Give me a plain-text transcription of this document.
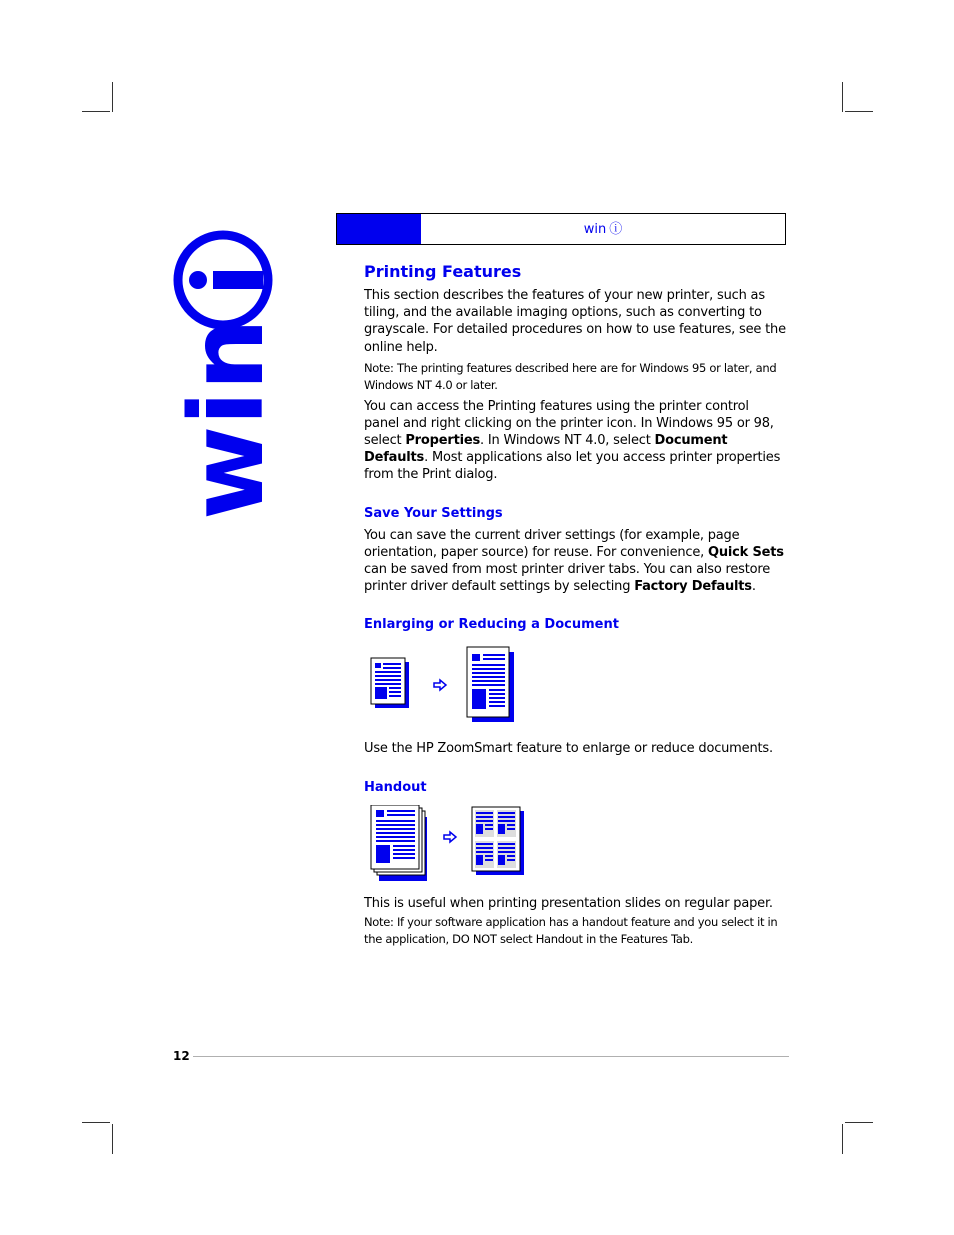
win
win ⓘ
Printing Features

This section describes the features of your new printer, such as tiling, and the available imaging options, such as converting to grayscale. For detailed procedures on how to use features, see the online help.

Note: The printing features described here are for Windows 95 or later, and Windows NT 4.0 or later.

You can access the Printing features using the printer control panel and right clicking on the printer icon. In Windows 95 or 98, select Properties. In Windows NT 4.0, select Document Defaults. Most applications also let you access printer properties from the Print dialog.

Save Your Settings

You can save the current driver settings (for example, page orientation, paper source) for reuse. For convenience, Quick Sets can be saved from most printer driver tabs. You can also restore printer driver default settings by selecting Factory Defaults.

Enlarging or Reducing a Document

Use the HP ZoomSmart feature to enlarge or reduce documents.

Handout

This is useful when printing presentation slides on regular paper.

Note: If your software application has a handout feature and you select it in the application, DO NOT select Handout in the Features Tab.

12
